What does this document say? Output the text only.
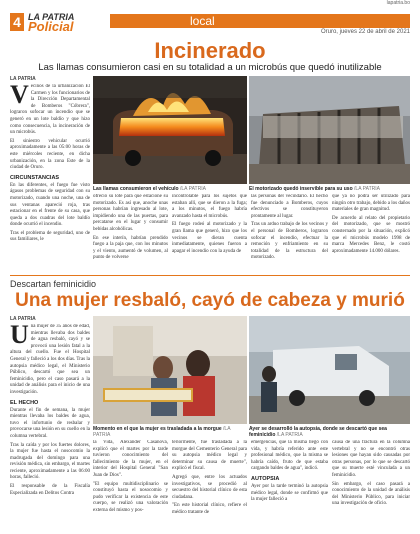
4 LA PATRIA
Policial	local
lapatria.bo
Oruro, jueves 22 de abril de 2021
Incinerado
Las llamas consumieron casi en su totalidad a un microbús que quedó inutilizable
LA PATRIA
V ecinos de la urbanización El Carmen y los funcionarios de la Dirección Departamental de Bomberos "Cóbrera", lograron sofocar un incendio que se generó en un lote baldío y que hizo como consecuencia, la incineración de un microbús.

El siniestro vehicular ocurrió aproximadamente a las 05:00 horas de este miércoles reciente, en dicha urbanización, en la zona Este de la ciudad de Oruro.

CIRCUNSTANCIAS

En las diferentes, el fuego fue visto ágasos problemas de seguridad con su motorizado, cuando una noche, una de sus ventanas apareció roja, tras estacionar en el frente de su casa, que queda a dos cuadras del lote baldío donde ocurrió el incendio.

Tras el problema de seguridad, uno de sus familiares, le

Las llamas consumieron el vehículo /LA PATRIA	El motorizado quedó inservible para su uso /LA PATRIA

ofreció su lote para que estacione su motorizado. Es así que, anoche unas personas habrían ingresado al lote, impidiendo una de las puertas, para percatarse en el lugar y consumir bebidas alcohólicas.

En ese interín, habrían prendido fuego a la paja que, con los minutos y el viento, aumentó de volumen, al punto de volverse

incontrolable para los sujetos que estaban allí, que se dieron a la fuga; a los minutos, el fuego habría avanzado hasta el microbús.

El fuego rodeó al motorizado y la gran llama que generó, hizo que los vecinos se dieran cuenta inmediatamente, quienes fueron a apagar el incendio con la ayuda de

las personas del vecindario. El hecho fue denunciado a Bomberos, cuyos efectivos se constituyeron prontamente al lugar.

Tras un arduo trabajo de los vecinos y el personal de Bomberos, lograron sofocar el incendio, efectuar la remoción y enfriamiento en su totalidad de la estructura del motorizado.

que ya no podrá ser utilizado para ningún otro trabajo, debido a los daños materiales de gran magnitud.

De acuerdo al relato del propietario del motorizado, que se mostró consternado por la situación, explicó que el microbús modelo 1998 de marca Mercedes Benz, le costó aproximadamente 14.000 dólares.

Descartan feminicidio
Una mujer resbaló, cayó de cabeza y murió
LA PATRIA
U na mujer de 35 años de edad, mientras llevaba dos baldes de agua resbaló, cayó y se provocó una lesión fatal a la altura del cuello. Fue el Hospital General y falleció a los dos días. Tras la autopsia médico legal, el Ministerio Público, descartó que sea un feminicidio, pero el caso pasará a la unidad de análisis para el inicio de una investigación.

EL HECHO

Durante el fin de semana, la mujer mientras llevaba los baldes de agua, tuvo el infortunio de resbalar y provocarse una lesión en su cuello en la columna vertebral.

Tras la caída y por los fuertes dolores, la mujer fue hasta el nosocomio la madrugada del domingo para una revisión médica, sin embargo, el martes reciente, aproximadamente a las 06:00 horas, falleció.

El responsable de la Fiscalía Especializada en Delitos Contra

Momento en el que la mujer es trasladada a la morgue /LA PATRIA
Ayer se desarrolló la autopsia, donde se descartó que sea feminicidio /LA PATRIA

la Vida, Alexander Casanova, explicó que el martes por la tarde tuvieron conocimiento del fallecimiento de la mujer, en el interior del Hospital General "San Juan de Dios".

"El equipo multidisciplinario se constituyó hasta el nosocomio y pudo verificar la existencia de este cuerpo, se realizó una valoración externa del mismo y pos-

teriormente, fue trasladada a la morgue del Cementerio General para su autopsia médico legal y determinar su causa de muerte", explicó el fiscal.

Agregó que, entre los actuados investigativos, se procedió al secuestro del historial clínico de esta ciudadana.

"En este historial clínico, refiere el médico tratante de

emergencias, que la misma llegó con vida, y habría referido ante este profesional médico, que la misma se habría caído, fruto de que estaba cargando baldes de agua", indicó.

AUTOPSIA

Ayer por la tarde terminó la autopsia médico legal, donde se confirmó que la mujer falleció a

causa de una fractura en la columna vertebral y no se encontró otras lesiones que hayan sido causadas por otras personas, por lo que se descartó que su muerte esté vinculada a un feminicidio.

Sin embargo, el caso pasará a conocimiento de la unidad de análisis del Ministerio Público, para iniciar una investigación de oficio.
